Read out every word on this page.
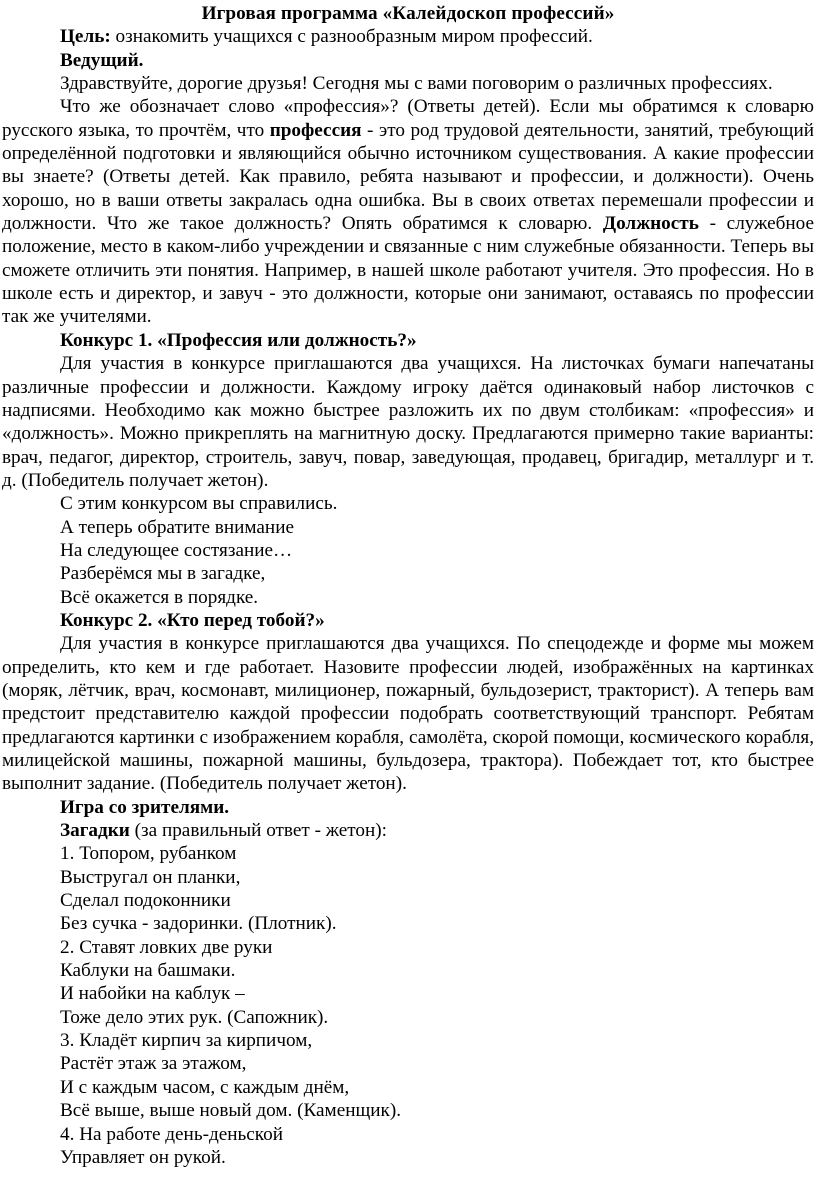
Игровая программа «Калейдоскоп профессий»

Цель: ознакомить учащихся с разнообразным миром профессий.

Ведущий.

Здравствуйте, дорогие друзья! Сегодня мы с вами поговорим о различных профессиях.

Что же обозначает слово «профессия»? (Ответы детей). Если мы обратимся к словарю русского языка, то прочтём, что профессия - это род трудовой деятельности, занятий, требующий определённой подготовки и являющийся обычно источником существования. А какие профессии вы знаете? (Ответы детей. Как правило, ребята называют и профессии, и должности). Очень хорошо, но в ваши ответы закралась одна ошибка. Вы в своих ответах перемешали профессии и должности. Что же такое должность? Опять обратимся к словарю. Должность - служебное положение, место в каком-либо учреждении и связанные с ним служебные обязанности. Теперь вы сможете отличить эти понятия. Например, в нашей школе работают учителя. Это профессия. Но в школе есть и директор, и завуч - это должности, которые они занимают, оставаясь по профессии так же учителями.

Конкурс 1. «Профессия или должность?»

Для участия в конкурсе приглашаются два учащихся. На листочках бумаги напечатаны различные профессии и должности. Каждому игроку даётся одинаковый набор листочков с надписями. Необходимо как можно быстрее разложить их по двум столбикам: «профессия» и «должность». Можно прикреплять на магнитную доску. Предлагаются примерно такие варианты: врач, педагог, директор, строитель, завуч, повар, заведующая, продавец, бригадир, металлург и т. д. (Победитель получает жетон).

С этим конкурсом вы справились.

А теперь обратите внимание

На следующее состязание…

Разберёмся мы в загадке,

Всё окажется в порядке.

Конкурс 2. «Кто перед тобой?»

Для участия в конкурсе приглашаются два учащихся. По спецодежде и форме мы можем определить, кто кем и где работает. Назовите профессии людей, изображённых на картинках (моряк, лётчик, врач, космонавт, милиционер, пожарный, бульдозерист, тракторист). А теперь вам предстоит представителю каждой профессии подобрать соответствующий транспорт. Ребятам предлагаются картинки с изображением корабля, самолёта, скорой помощи, космического корабля, милицейской машины, пожарной машины, бульдозера, трактора). Побеждает тот, кто быстрее выполнит задание. (Победитель получает жетон).

Игра со зрителями.

Загадки (за правильный ответ - жетон):

1. Топором, рубанком

Выстругал он планки,

Сделал подоконники

Без сучка - задоринки. (Плотник).

2. Ставят ловких две руки

Каблуки на башмаки.

И набойки на каблук –

Тоже дело этих рук. (Сапожник).

3. Кладёт кирпич за кирпичом,

Растёт этаж за этажом,

И с каждым часом, с каждым днём,

Всё выше, выше новый дом. (Каменщик).

4. На работе день-деньской

Управляет он рукой.
